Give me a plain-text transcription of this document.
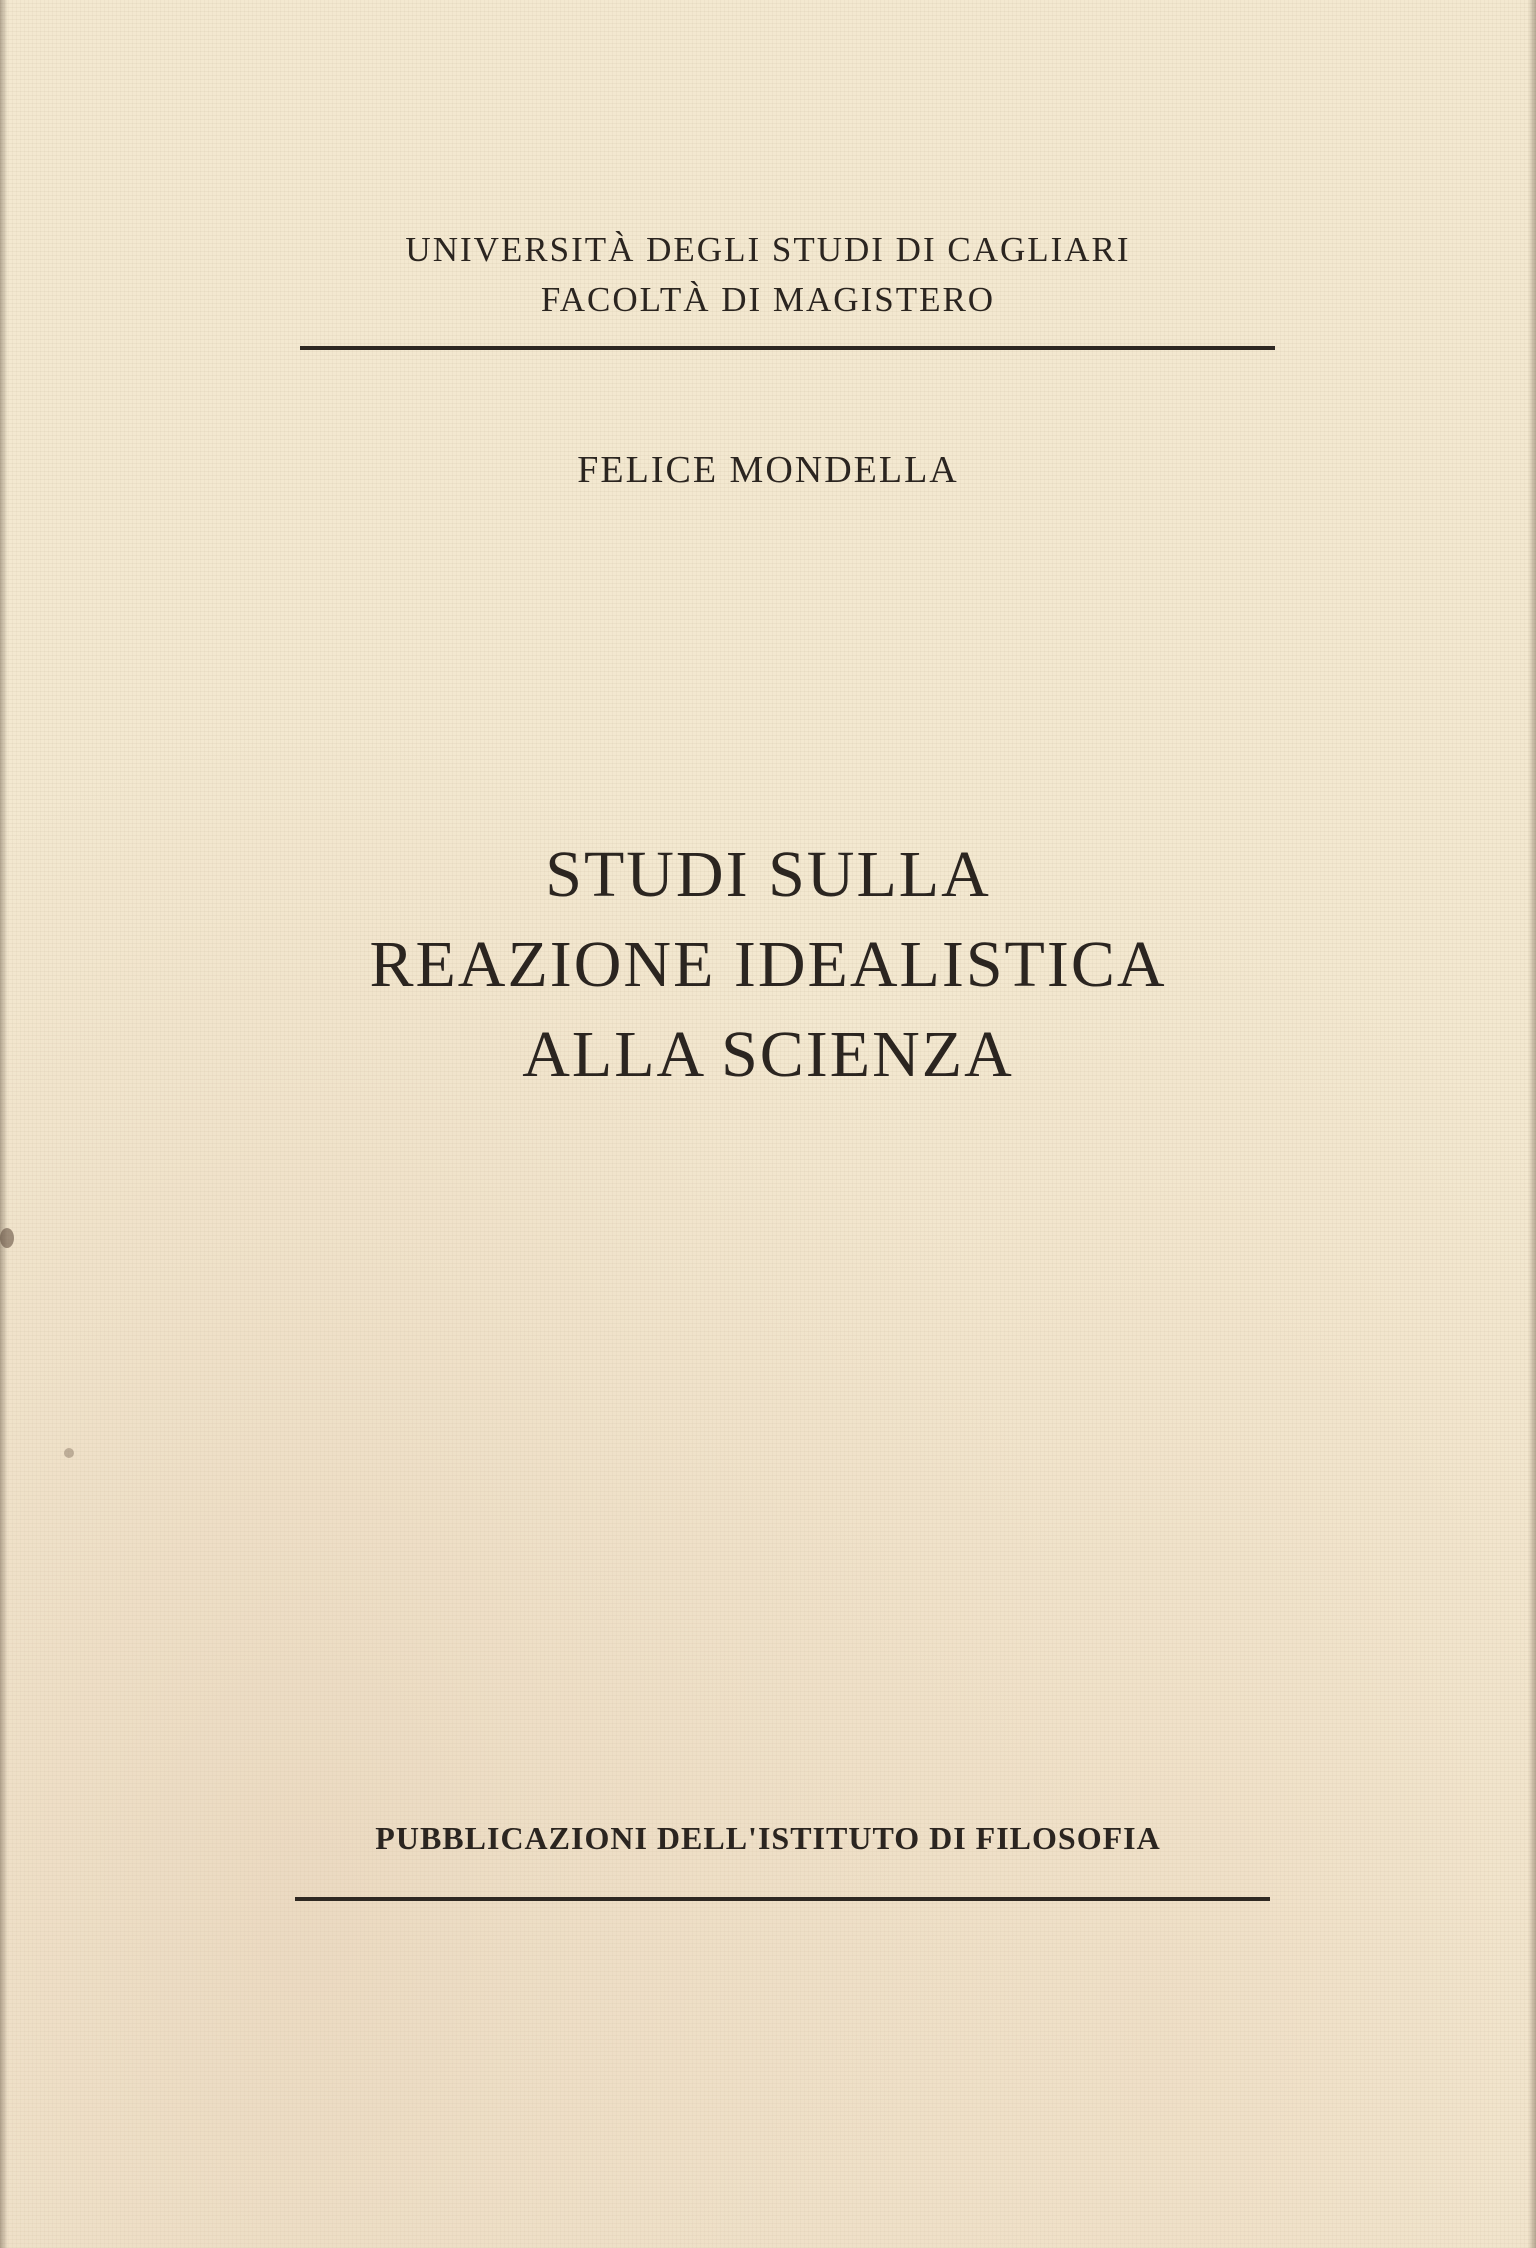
UNIVERSITÀ DEGLI STUDI DI CAGLIARI
FACOLTÀ DI MAGISTERO
FELICE MONDELLA
STUDI SULLA
REAZIONE IDEALISTICA
ALLA SCIENZA
PUBBLICAZIONI DELL'ISTITUTO DI FILOSOFIA
